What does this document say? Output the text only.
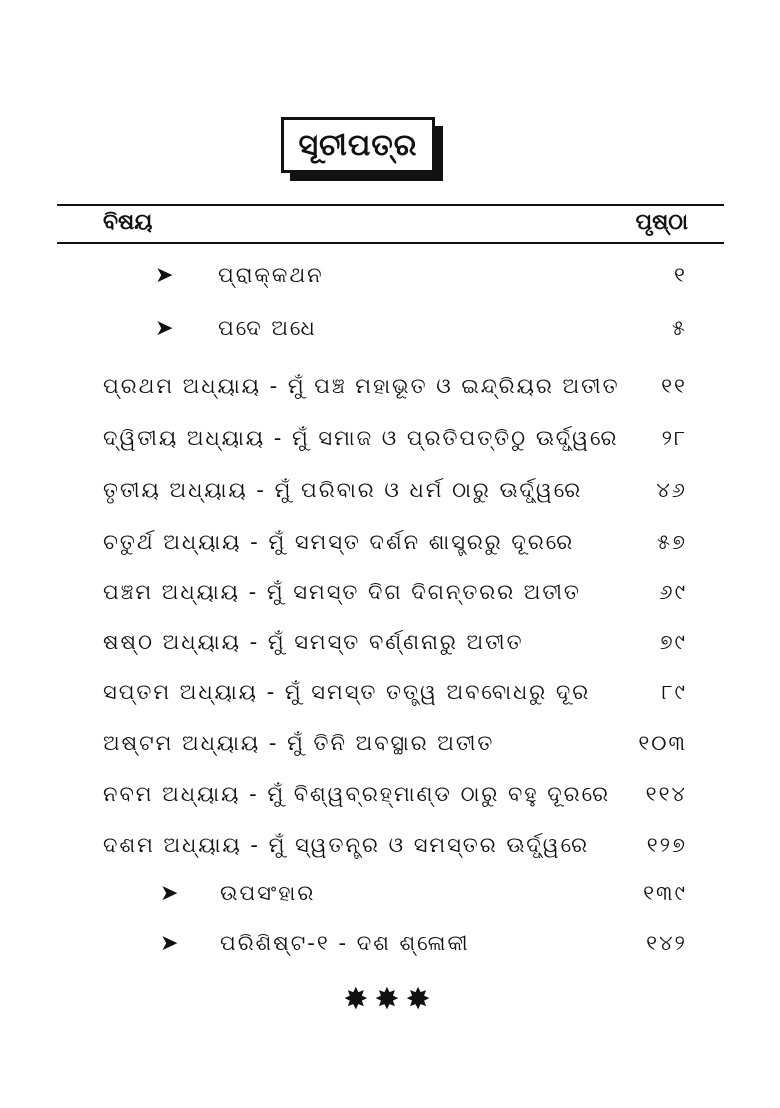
ସୂଚୀପତ୍ର
ବିଷୟ	ପୃଷ୍ଠା
➤ ପ୍ରାକ୍‌କଥନ	୧
➤ ପଦେ ଅଧେ	୫
ପ୍ରଥମ ଅଧ୍ୟାୟ - ମୁଁ ପଞ୍ଚ ମହାଭୂତ ଓ ଇନ୍ଦ୍ରିୟର ଅତୀତ ୧୧
ଦ୍ୱିତୀୟ ଅଧ୍ୟାୟ - ମୁଁ ସମାଜ ଓ ପ୍ରତିପତ୍ତିଠୁ ଊର୍ଦ୍ଧ୍ୱରେ ୨୮
ତୃତୀୟ ଅଧ୍ୟାୟ - ମୁଁ ପରିବାର ଓ ଧର୍ମ ଠାରୁ ଊର୍ଦ୍ଧ୍ୱରେ	୪୬
ଚତୁର୍ଥ ଅଧ୍ୟାୟ - ମୁଁ ସମସ୍ତ ଦର୍ଶନ ଶାସ୍ତ୍ରରୁ ଦୂରରେ	୫୭
ପଞ୍ଚମ ଅଧ୍ୟାୟ - ମୁଁ ସମସ୍ତ ଦିଗ ଦିଗନ୍ତରର ଅତୀତ	୬୯
ଷଷ୍ଠ ଅଧ୍ୟାୟ - ମୁଁ ସମସ୍ତ ବର୍ଣ୍ଣନାରୁ ଅତୀତ	୭୯
ସପ୍ତମ ଅଧ୍ୟାୟ - ମୁଁ ସମସ୍ତ ତତ୍ତ୍ୱ ଅବବୋଧରୁ ଦୂର	୮୯
ଅଷ୍ଟମ ଅଧ୍ୟାୟ - ମୁଁ ତିନି ଅବସ୍ଥାର ଅତୀତ	୧୦୩
ନବମ ଅଧ୍ୟାୟ - ମୁଁ ବିଶ୍ୱବ୍ରହ୍ମାଣ୍ଡ ଠାରୁ ବହୁ ଦୂରରେ ୧୧୪
ଦଶମ ଅଧ୍ୟାୟ - ମୁଁ ସ୍ୱତନ୍ତ୍ର ଓ ସମସ୍ତର ଊର୍ଦ୍ଧ୍ୱରେ	୧୨୭
➤ ଉପସଂହାର	୧୩୯
➤ ପରିଶିଷ୍ଟ-୧ - ଦଶ ଶ୍ଳୋକୀ	୧୪୨
✸✸✸
